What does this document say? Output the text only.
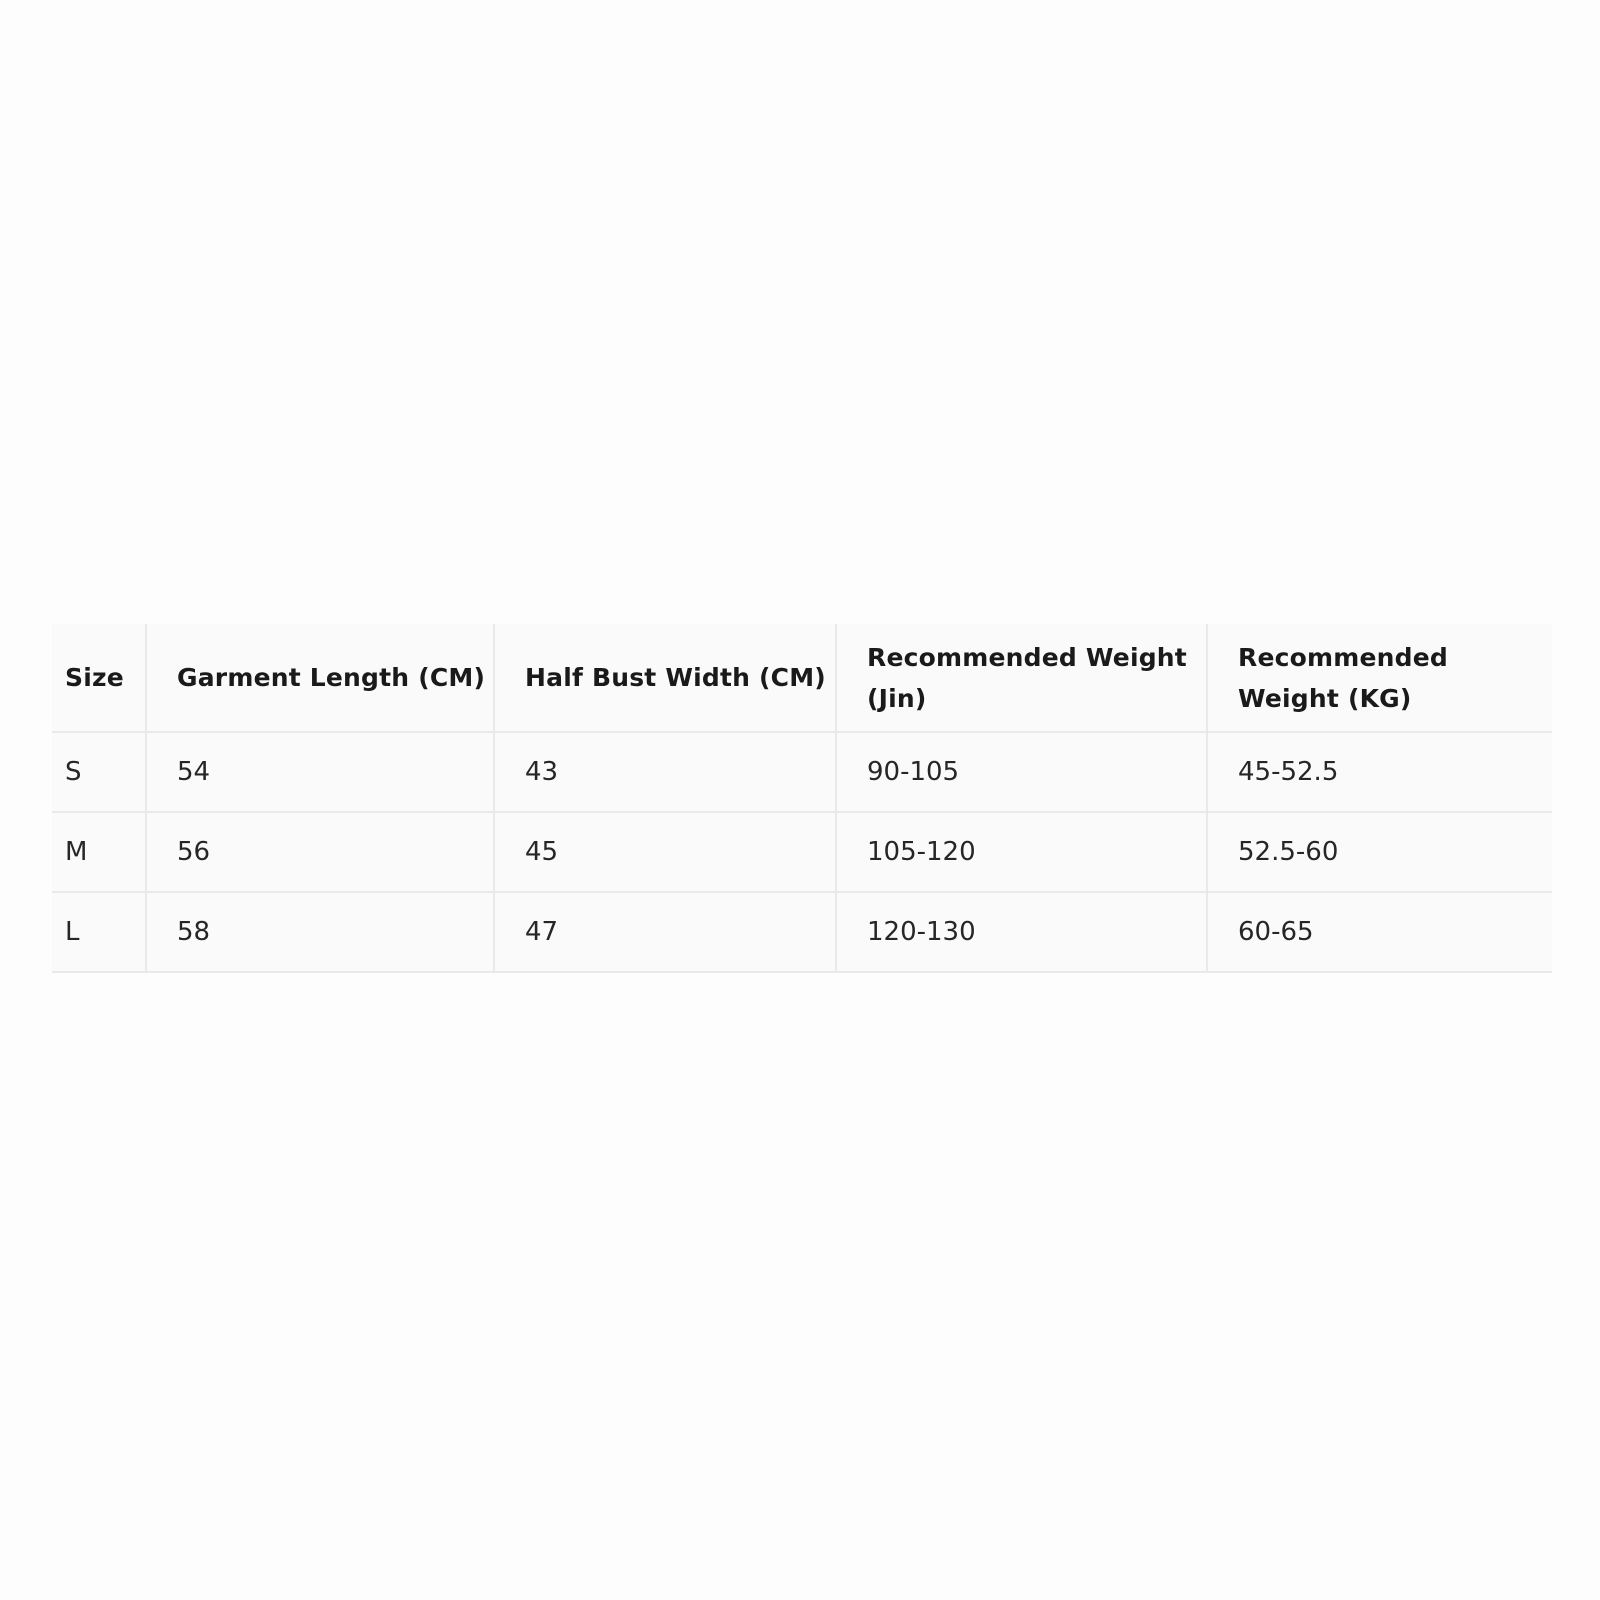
Size	Garment Length (CM)	Half Bust Width (CM)	Recommended Weight (Jin)	Recommended Weight (KG)
S	54	43	90-105	45-52.5
M	56	45	105-120	52.5-60
L	58	47	120-130	60-65
